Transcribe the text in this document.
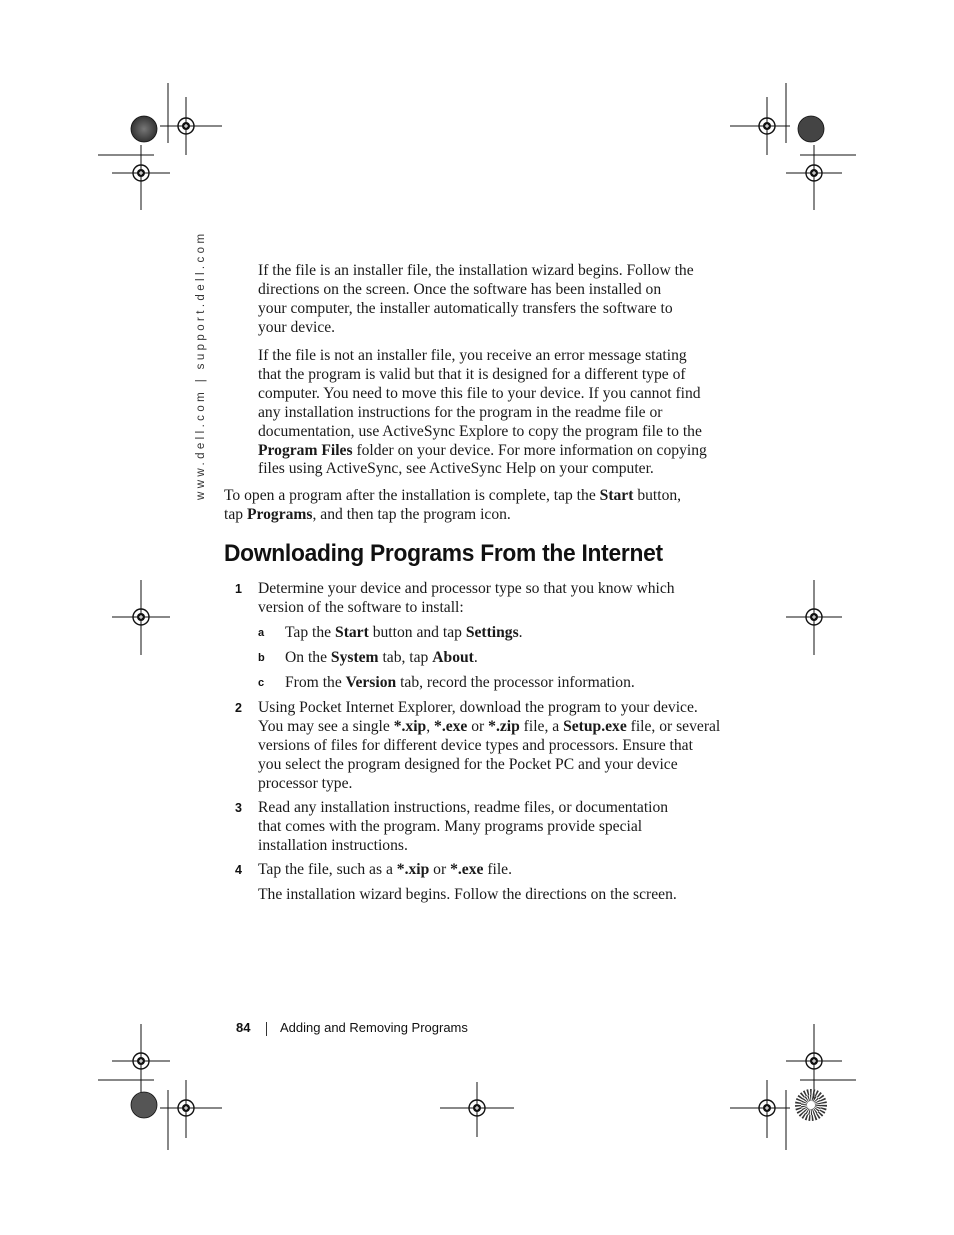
www.dell.com | support.dell.com	If the file is an installer file, the installation wizard begins. Follow the
directions on the screen. Once the software has been installed on
your computer, the installer automatically transfers the software to
your device.
If the file is not an installer file, you receive an error message stating
that the program is valid but that it is designed for a different type of
computer. You need to move this file to your device. If you cannot find
any installation instructions for the program in the readme file or
documentation, use ActiveSync Explore to copy the program file to the
Program Files folder on your device. For more information on copying
files using ActiveSync, see ActiveSync Help on your computer.
To open a program after the installation is complete, tap the Start button,
tap Programs, and then tap the program icon.
Downloading Programs From the Internet
1 Determine your device and processor type so that you know which
version of the software to install:
a Tap the Start button and tap Settings.
b On the System tab, tap About.
c From the Version tab, record the processor information.
2 Using Pocket Internet Explorer, download the program to your device.
You may see a single *.xip, *.exe or *.zip file, a Setup.exe file, or several
versions of files for different device types and processors. Ensure that
you select the program designed for the Pocket PC and your device
processor type.
3 Read any installation instructions, readme files, or documentation
that comes with the program. Many programs provide special
installation instructions.
4 Tap the file, such as a *.xip or *.exe file.
The installation wizard begins. Follow the directions on the screen.
84 Adding and Removing Programs
